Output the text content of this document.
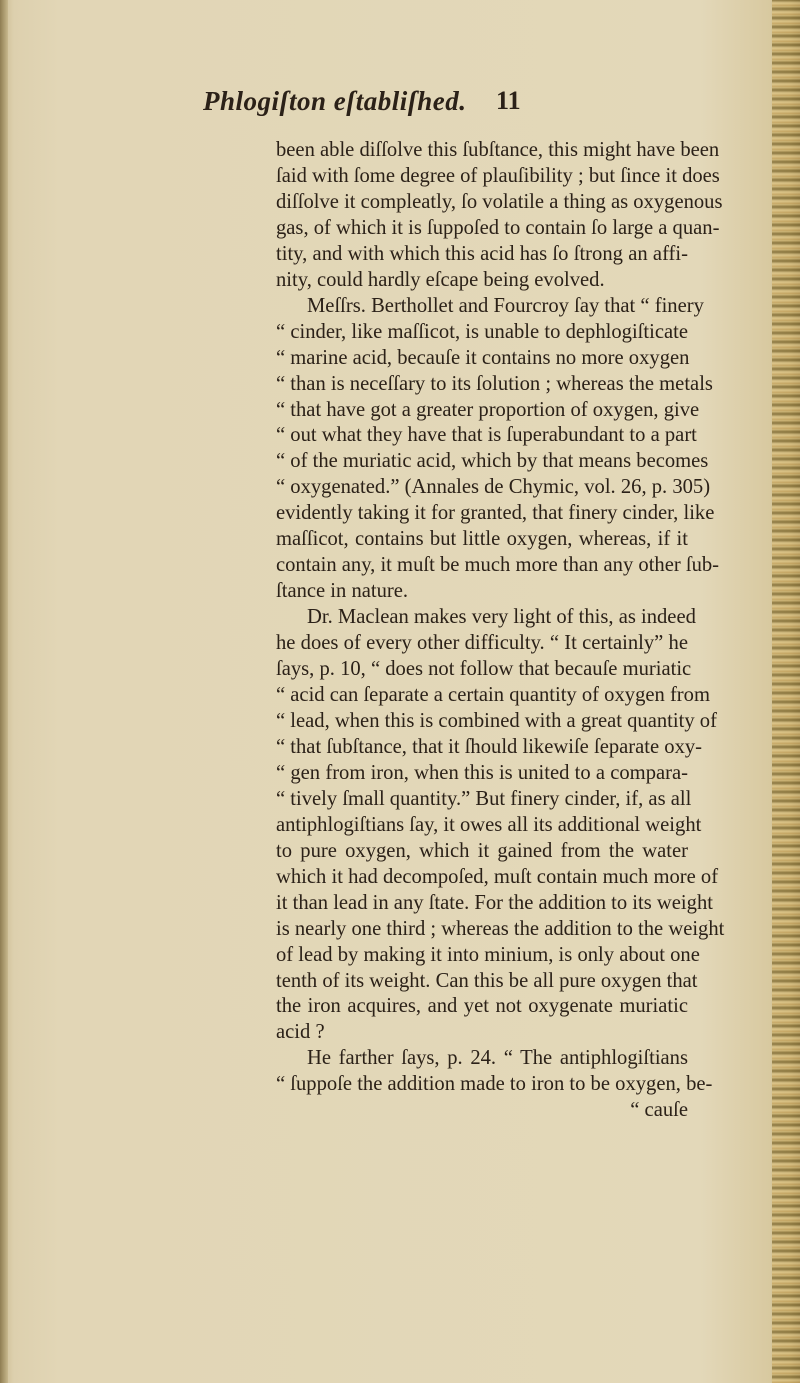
Phlogiſton eſtabliſhed. 11
been able diſſolve this ſubſtance, this might have been
ſaid with ſome degree of plauſibility ; but ſince it does
diſſolve it compleatly, ſo volatile a thing as oxygenous
gas, of which it is ſuppoſed to contain ſo large a quan-
tity, and with which this acid has ſo ſtrong an affi-
nity, could hardly eſcape being evolved.
Meſſrs. Berthollet and Fourcroy ſay that “ finery
“ cinder, like maſſicot, is unable to dephlogiſticate
“ marine acid, becauſe it contains no more oxygen
“ than is neceſſary to its ſolution ; whereas the metals
“ that have got a greater proportion of oxygen, give
“ out what they have that is ſuperabundant to a part
“ of the muriatic acid, which by that means becomes
“ oxygenated.” (Annales de Chymic, vol. 26, p. 305)
evidently taking it for granted, that finery cinder, like
maſſicot, contains but little oxygen, whereas, if it
contain any, it muſt be much more than any other ſub-
ſtance in nature.
Dr. Maclean makes very light of this, as indeed
he does of every other difficulty. “ It certainly” he
ſays, p. 10, “ does not follow that becauſe muriatic
“ acid can ſeparate a certain quantity of oxygen from
“ lead, when this is combined with a great quantity of
“ that ſubſtance, that it ſhould likewiſe ſeparate oxy-
“ gen from iron, when this is united to a compara-
“ tively ſmall quantity.” But finery cinder, if, as all
antiphlogiſtians ſay, it owes all its additional weight
to pure oxygen, which it gained from the water
which it had decompoſed, muſt contain much more of
it than lead in any ſtate. For the addition to its weight
is nearly one third ; whereas the addition to the weight
of lead by making it into minium, is only about one
tenth of its weight. Can this be all pure oxygen that
the iron acquires, and yet not oxygenate muriatic
acid ?
He farther ſays, p. 24. “ The antiphlogiſtians
“ ſuppoſe the addition made to iron to be oxygen, be-
“ cauſe
